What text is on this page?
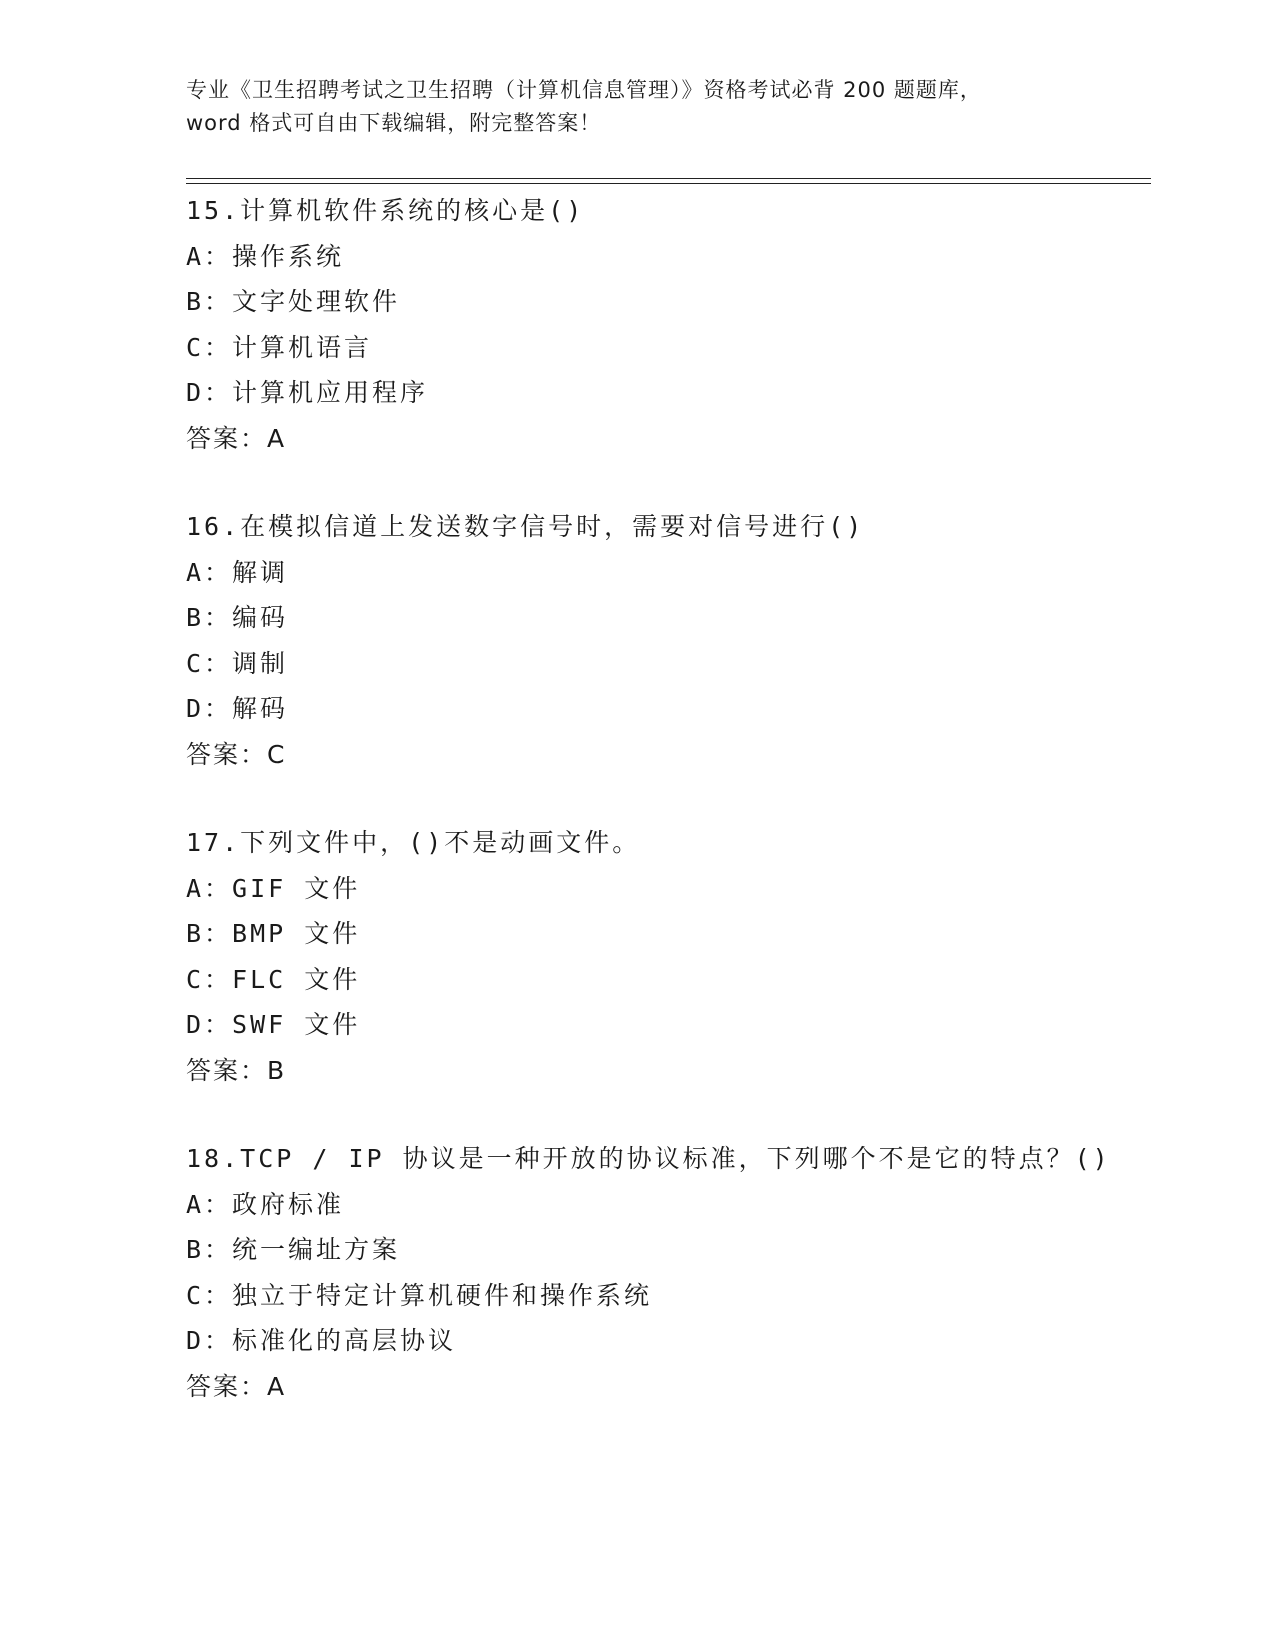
专业《卫生招聘考试之卫生招聘（计算机信息管理）》资格考试必背 200 题题库，

word 格式可自由下载编辑，附完整答案！

15.计算机软件系统的核心是()
A：操作系统
B：文字处理软件
C：计算机语言
D：计算机应用程序
答案：A
16.在模拟信道上发送数字信号时，需要对信号进行()
A：解调
B：编码
C：调制
D：解码
答案：C
17.下列文件中，()不是动画文件。
A：GIF 文件
B：BMP 文件
C：FLC 文件
D：SWF 文件
答案：B
18.TCP / IP 协议是一种开放的协议标准，下列哪个不是它的特点？()
A：政府标准
B：统一编址方案
C：独立于特定计算机硬件和操作系统
D：标准化的高层协议
答案：A
